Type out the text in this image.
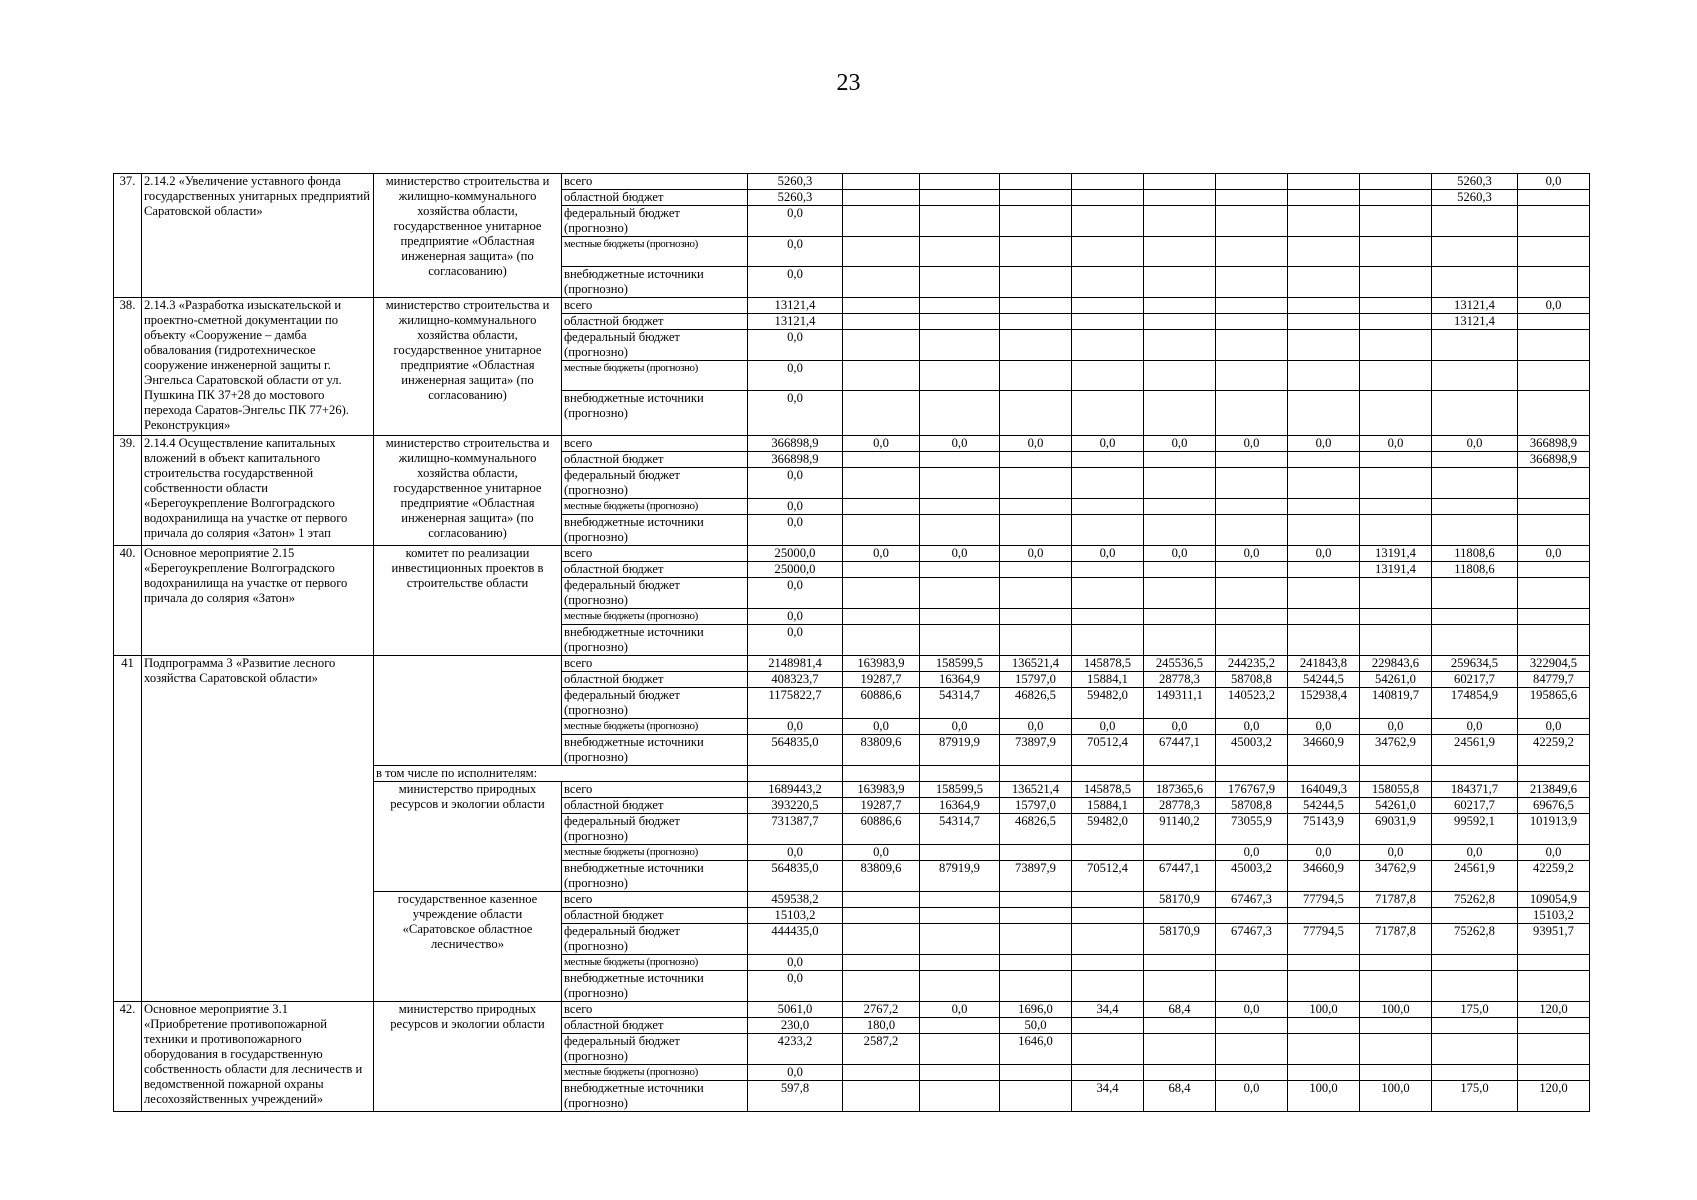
23
37.	2.14.2 «Увеличение уставного фонда государственных унитарных предприятий Саратовской области»	министерство строительства и жилищно-коммунального хозяйства области, государственное унитарное предприятие «Областная инженерная защита» (по согласованию)	всего	5260,3									5260,3	0,0
			областной бюджет	5260,3									5260,3	
			федеральный бюджет (прогнозно)	0,0										
			местные бюджеты (прогнозно)	0,0										
			внебюджетные источники (прогнозно)	0,0										
38.	2.14.3 «Разработка изыскательской и проектно-сметной документации по объекту «Сооружение – дамба обвалования (гидротехническое сооружение инженерной защиты г. Энгельса Саратовской области от ул. Пушкина ПК 37+28 до мостового перехода Саратов-Энгельс ПК 77+26). Реконструкция»	министерство строительства и жилищно-коммунального хозяйства области, государственное унитарное предприятие «Областная инженерная защита» (по согласованию)	всего	13121,4									13121,4	0,0
			областной бюджет	13121,4									13121,4	
			федеральный бюджет (прогнозно)	0,0										
			местные бюджеты (прогнозно)	0,0										
			внебюджетные источники (прогнозно)	0,0										
39.	2.14.4 Осуществление капитальных вложений в объект капитального строительства государственной собственности области «Берегоукрепление Волгоградского водохранилища на участке от первого причала до солярия «Затон» 1 этап	министерство строительства и жилищно-коммунального хозяйства области, государственное унитарное предприятие «Областная инженерная защита» (по согласованию)	всего	366898,9	0,0	0,0	0,0	0,0	0,0	0,0	0,0	0,0	0,0	366898,9
			областной бюджет	366898,9										366898,9
			федеральный бюджет (прогнозно)	0,0										
			местные бюджеты (прогнозно)	0,0										
			внебюджетные источники (прогнозно)	0,0										
40.	Основное мероприятие 2.15 «Берегоукрепление Волгоградского водохранилища на участке от первого причала до солярия «Затон»	комитет по реализации инвестиционных проектов в строительстве области	всего	25000,0	0,0	0,0	0,0	0,0	0,0	0,0	0,0	13191,4	11808,6	0,0
			областной бюджет	25000,0								13191,4	11808,6	
			федеральный бюджет (прогнозно)	0,0										
			местные бюджеты (прогнозно)	0,0										
			внебюджетные источники (прогнозно)	0,0										
41	Подпрограмма 3 «Развитие лесного хозяйства Саратовской области»		всего	2148981,4	163983,9	158599,5	136521,4	145878,5	245536,5	244235,2	241843,8	229843,6	259634,5	322904,5
			областной бюджет	408323,7	19287,7	16364,9	15797,0	15884,1	28778,3	58708,8	54244,5	54261,0	60217,7	84779,7
			федеральный бюджет (прогнозно)	1175822,7	60886,6	54314,7	46826,5	59482,0	149311,1	140523,2	152938,4	140819,7	174854,9	195865,6
			местные бюджеты (прогнозно)	0,0	0,0	0,0	0,0	0,0	0,0	0,0	0,0	0,0	0,0	0,0
			внебюджетные источники (прогнозно)	564835,0	83809,6	87919,9	73897,9	70512,4	67447,1	45003,2	34660,9	34762,9	24561,9	42259,2
		в том числе по исполнителям:												
		министерство природных ресурсов и экологии области	всего	1689443,2	163983,9	158599,5	136521,4	145878,5	187365,6	176767,9	164049,3	158055,8	184371,7	213849,6
			областной бюджет	393220,5	19287,7	16364,9	15797,0	15884,1	28778,3	58708,8	54244,5	54261,0	60217,7	69676,5
			федеральный бюджет (прогнозно)	731387,7	60886,6	54314,7	46826,5	59482,0	91140,2	73055,9	75143,9	69031,9	99592,1	101913,9
			местные бюджеты (прогнозно)	0,0	0,0					0,0	0,0	0,0	0,0	0,0
			внебюджетные источники (прогнозно)	564835,0	83809,6	87919,9	73897,9	70512,4	67447,1	45003,2	34660,9	34762,9	24561,9	42259,2
		государственное казенное учреждение области «Саратовское областное лесничество»	всего	459538,2					58170,9	67467,3	77794,5	71787,8	75262,8	109054,9
			областной бюджет	15103,2										15103,2
			федеральный бюджет (прогнозно)	444435,0					58170,9	67467,3	77794,5	71787,8	75262,8	93951,7
			местные бюджеты (прогнозно)	0,0										
			внебюджетные источники (прогнозно)	0,0										
42.	Основное мероприятие 3.1 «Приобретение противопожарной техники и противопожарного оборудования в государственную собственность области для лесничеств и ведомственной пожарной охраны лесохозяйственных учреждений»	министерство природных ресурсов и экологии области	всего	5061,0	2767,2	0,0	1696,0	34,4	68,4	0,0	100,0	100,0	175,0	120,0
			областной бюджет	230,0	180,0		50,0							
			федеральный бюджет (прогнозно)	4233,2	2587,2		1646,0							
			местные бюджеты (прогнозно)	0,0										
			внебюджетные источники (прогнозно)	597,8				34,4	68,4	0,0	100,0	100,0	175,0	120,0
